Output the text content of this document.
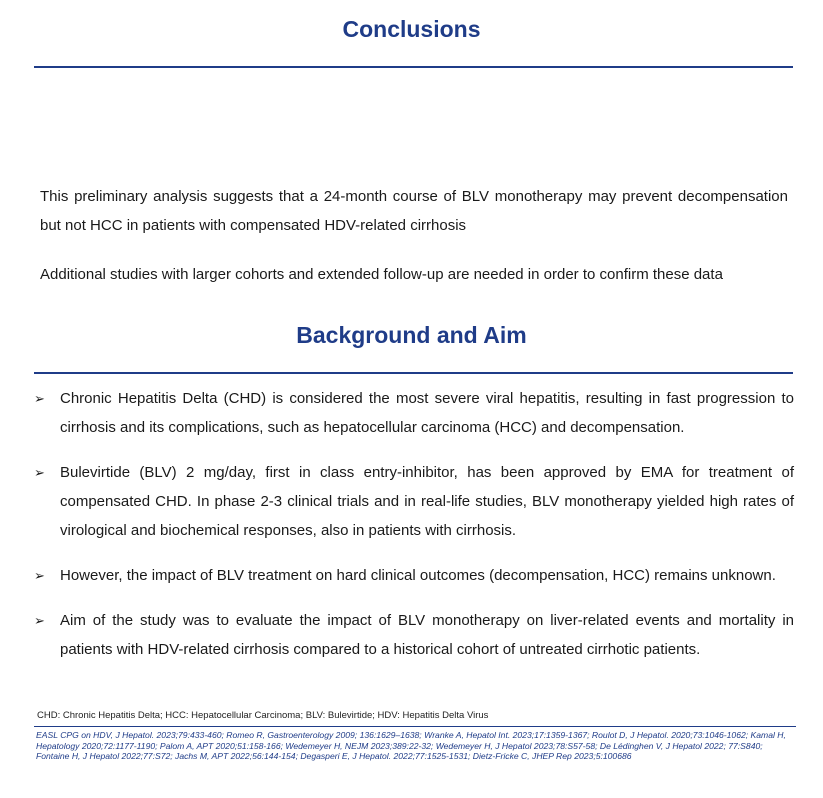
Conclusions

This preliminary analysis suggests that a 24-month course of BLV monotherapy may prevent decompensation but not HCC in patients with compensated HDV-related cirrhosis

Additional studies with larger cohorts and extended follow-up are needed in order to confirm these data

Background and Aim
➢	Chronic Hepatitis Delta (CHD) is considered the most severe viral hepatitis, resulting in fast progression to cirrhosis and its complications, such as hepatocellular carcinoma (HCC) and decompensation.
➢	Bulevirtide (BLV) 2 mg/day, first in class entry-inhibitor, has been approved by EMA for treatment of compensated CHD. In phase 2-3 clinical trials and in real-life studies, BLV monotherapy yielded high rates of virological and biochemical responses, also in patients with cirrhosis.
➢	However, the impact of BLV treatment on hard clinical outcomes (decompensation, HCC) remains unknown.
➢	Aim of the study was to evaluate the impact of BLV monotherapy on liver-related events and mortality in patients with HDV-related cirrhosis compared to a historical cohort of untreated cirrhotic patients.

CHD: Chronic Hepatitis Delta; HCC: Hepatocellular Carcinoma; BLV: Bulevirtide; HDV: Hepatitis Delta Virus

EASL CPG on HDV, J Hepatol. 2023;79:433-460; Romeo R, Gastroenterology 2009; 136:1629–1638; Wranke A, Hepatol Int. 2023;17:1359-1367; Roulot D, J Hepatol. 2020;73:1046-1062; Kamal H, Hepatology 2020;72:1177-1190; Palom A, APT 2020;51:158-166; Wedemeyer H, NEJM 2023;389:22-32; Wedemeyer H, J Hepatol 2023;78:S57-58; De Lédinghen V, J Hepatol 2022; 77:S840; Fontaine H, J Hepatol 2022;77:S72; Jachs M, APT 2022;56:144-154; Degasperi E, J Hepatol. 2022;77:1525-1531; Dietz-Fricke C, JHEP Rep 2023;5:100686
